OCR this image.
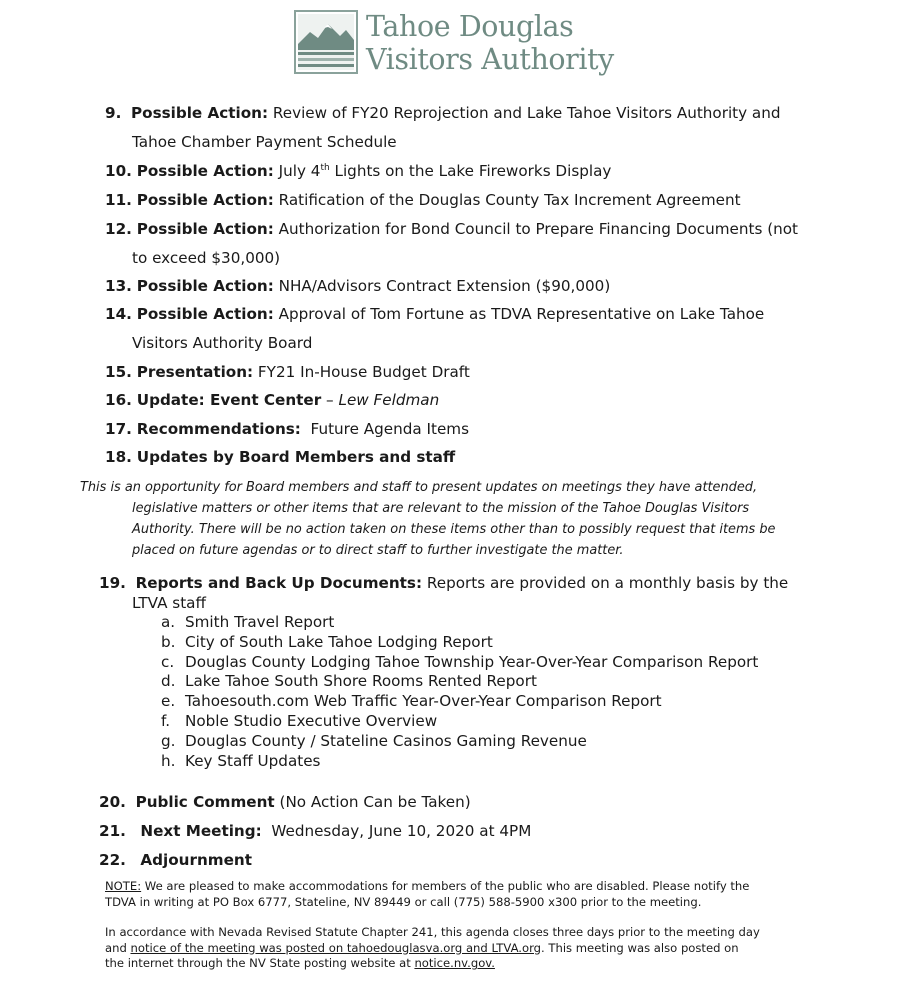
Tahoe Douglas
Visitors Authority
9. Possible Action: Review of FY20 Reprojection and Lake Tahoe Visitors Authority and
Tahoe Chamber Payment Schedule
10. Possible Action: July 4th Lights on the Lake Fireworks Display
11. Possible Action: Ratification of the Douglas County Tax Increment Agreement
12. Possible Action: Authorization for Bond Council to Prepare Financing Documents (not
to exceed $30,000)
13. Possible Action: NHA/Advisors Contract Extension ($90,000)
14. Possible Action: Approval of Tom Fortune as TDVA Representative on Lake Tahoe
Visitors Authority Board
15. Presentation: FY21 In-House Budget Draft
16. Update: Event Center – Lew Feldman
17. Recommendations:  Future Agenda Items
18. Updates by Board Members and staff
This is an opportunity for Board members and staff to present updates on meetings they have attended,
legislative matters or other items that are relevant to the mission of the Tahoe Douglas Visitors
Authority. There will be no action taken on these items other than to possibly request that items be
placed on future agendas or to direct staff to further investigate the matter.
19. Reports and Back Up Documents: Reports are provided on a monthly basis by the
LTVA staff
a. Smith Travel Report
b. City of South Lake Tahoe Lodging Report
c. Douglas County Lodging Tahoe Township Year-Over-Year Comparison Report
d. Lake Tahoe South Shore Rooms Rented Report
e. Tahoesouth.com Web Traffic Year-Over-Year Comparison Report
f. Noble Studio Executive Overview
g. Douglas County / Stateline Casinos Gaming Revenue
h. Key Staff Updates
20. Public Comment (No Action Can be Taken)
21. Next Meeting:  Wednesday, June 10, 2020 at 4PM
22. Adjournment
NOTE: We are pleased to make accommodations for members of the public who are disabled. Please notify the
TDVA in writing at PO Box 6777, Stateline, NV 89449 or call (775) 588-5900 x300 prior to the meeting.
In accordance with Nevada Revised Statute Chapter 241, this agenda closes three days prior to the meeting day
and notice of the meeting was posted on tahoedouglasva.org and LTVA.org. This meeting was also posted on
the internet through the NV State posting website at notice.nv.gov.
